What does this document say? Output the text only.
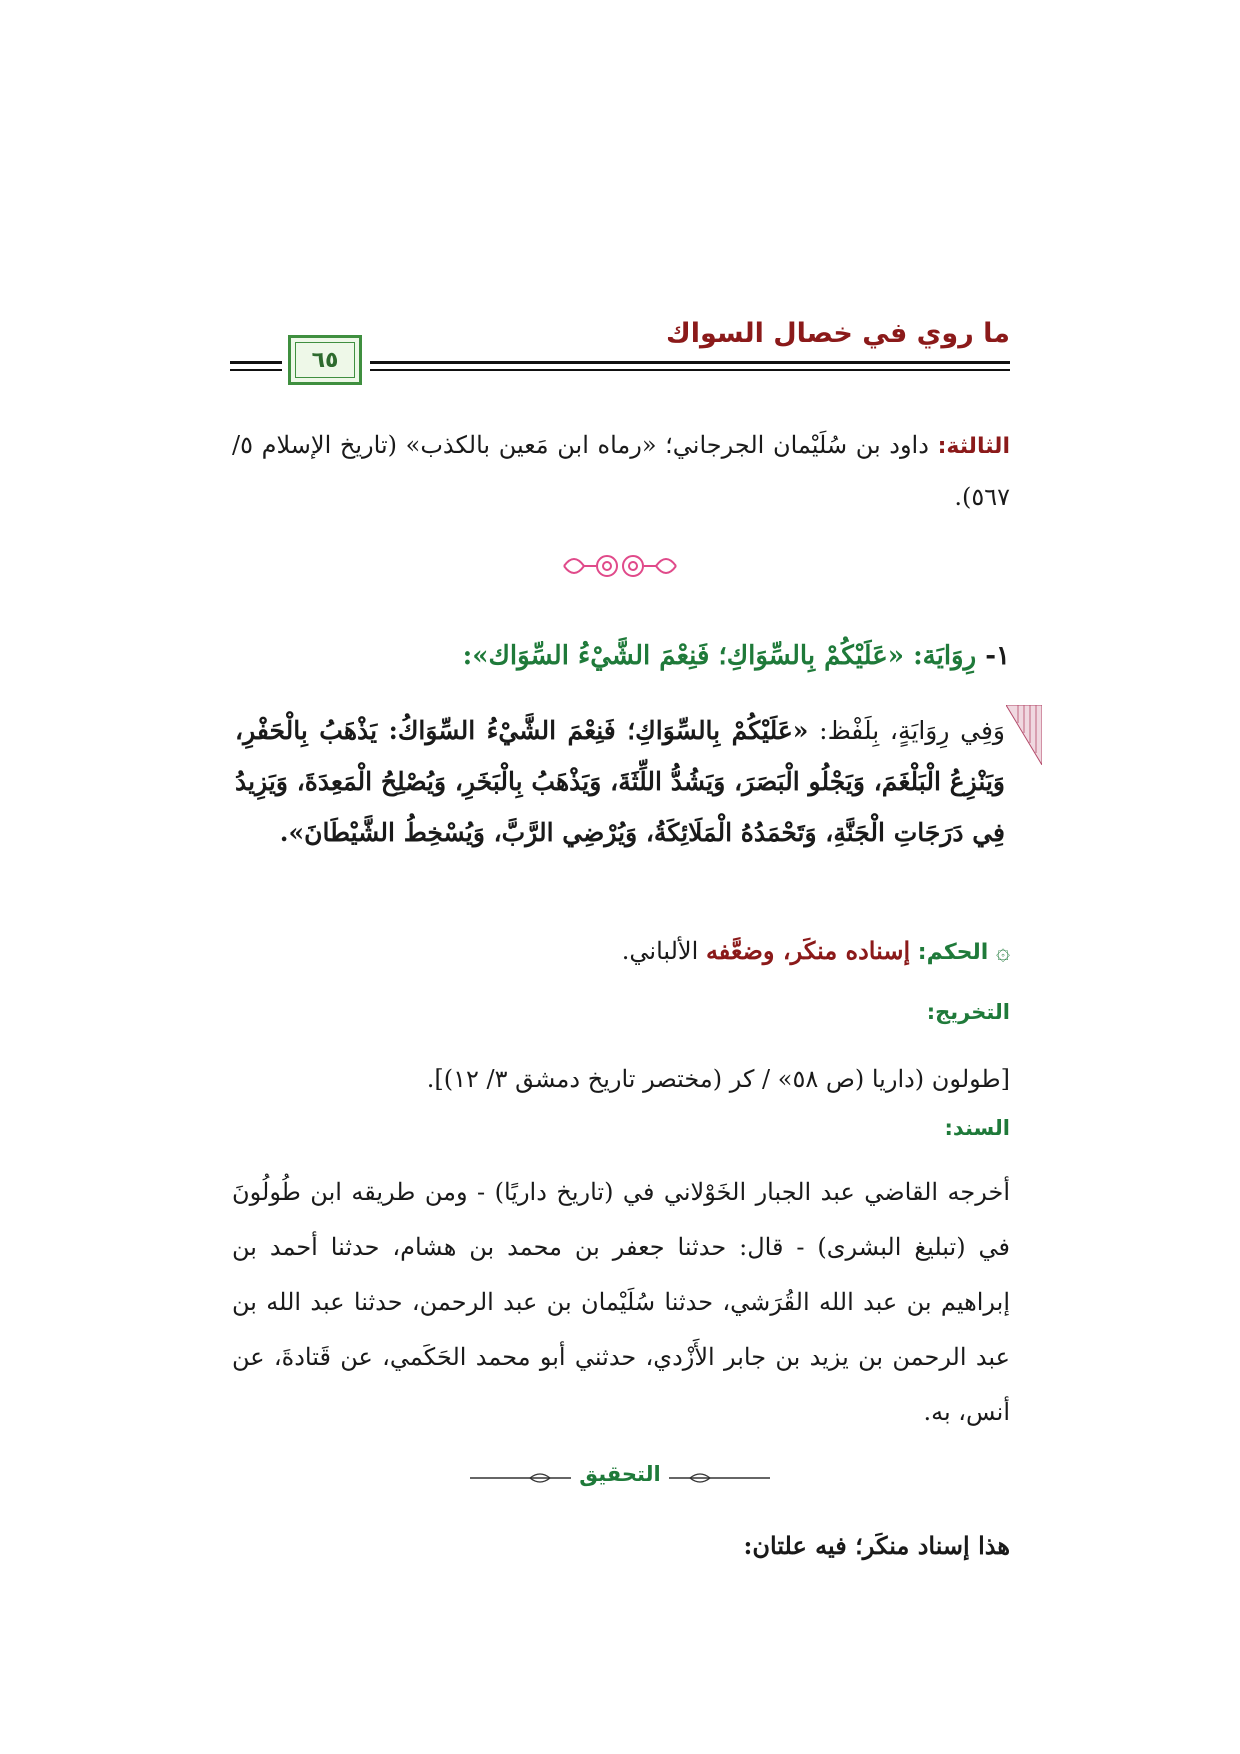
ما روي في خصال السواك
٦٥
الثالثة: داود بن سُلَيْمان الجرجاني؛ «رماه ابن مَعين بالكذب» (تاريخ الإسلام ٥/ ٥٦٧).
١- رِوَايَة: «عَلَيْكُمْ بِالسِّوَاكِ؛ فَنِعْمَ الشَّيْءُ السِّوَاك»:
وَفِي رِوَايَةٍ، بِلَفْظ: «عَلَيْكُمْ بِالسِّوَاكِ؛ فَنِعْمَ الشَّيْءُ السِّوَاكُ: يَذْهَبُ بِالْحَفْرِ، وَيَنْزِعُ الْبَلْغَمَ، وَيَجْلُو الْبَصَرَ، وَيَشُدُّ اللِّثَةَ، وَيَذْهَبُ بِالْبَخَرِ، وَيُصْلِحُ الْمَعِدَةَ، وَيَزِيدُ فِي دَرَجَاتِ الْجَنَّةِ، وَتَحْمَدُهُ الْمَلَائِكَةُ، وَيُرْضِي الرَّبَّ، وَيُسْخِطُ الشَّيْطَانَ».
۞ الحكم: إسناده منكَر، وضعَّفه الألباني.
التخريج:
[طولون (داريا (ص ٥٨» / كر (مختصر تاريخ دمشق ٣/ ١٢)].
السند:
أخرجه القاضي عبد الجبار الخَوْلاني في (تاريخ داريًا) - ومن طريقه ابن طُولُونَ في (تبليغ البشرى) - قال: حدثنا جعفر بن محمد بن هشام، حدثنا أحمد بن إبراهيم بن عبد الله القُرَشي، حدثنا سُلَيْمان بن عبد الرحمن، حدثنا عبد الله بن عبد الرحمن بن يزيد بن جابر الأَزْدي، حدثني أبو محمد الحَكَمي، عن قَتادةَ، عن أنس، به.
التحقيق
هذا إسناد منكَر؛ فيه علتان:
